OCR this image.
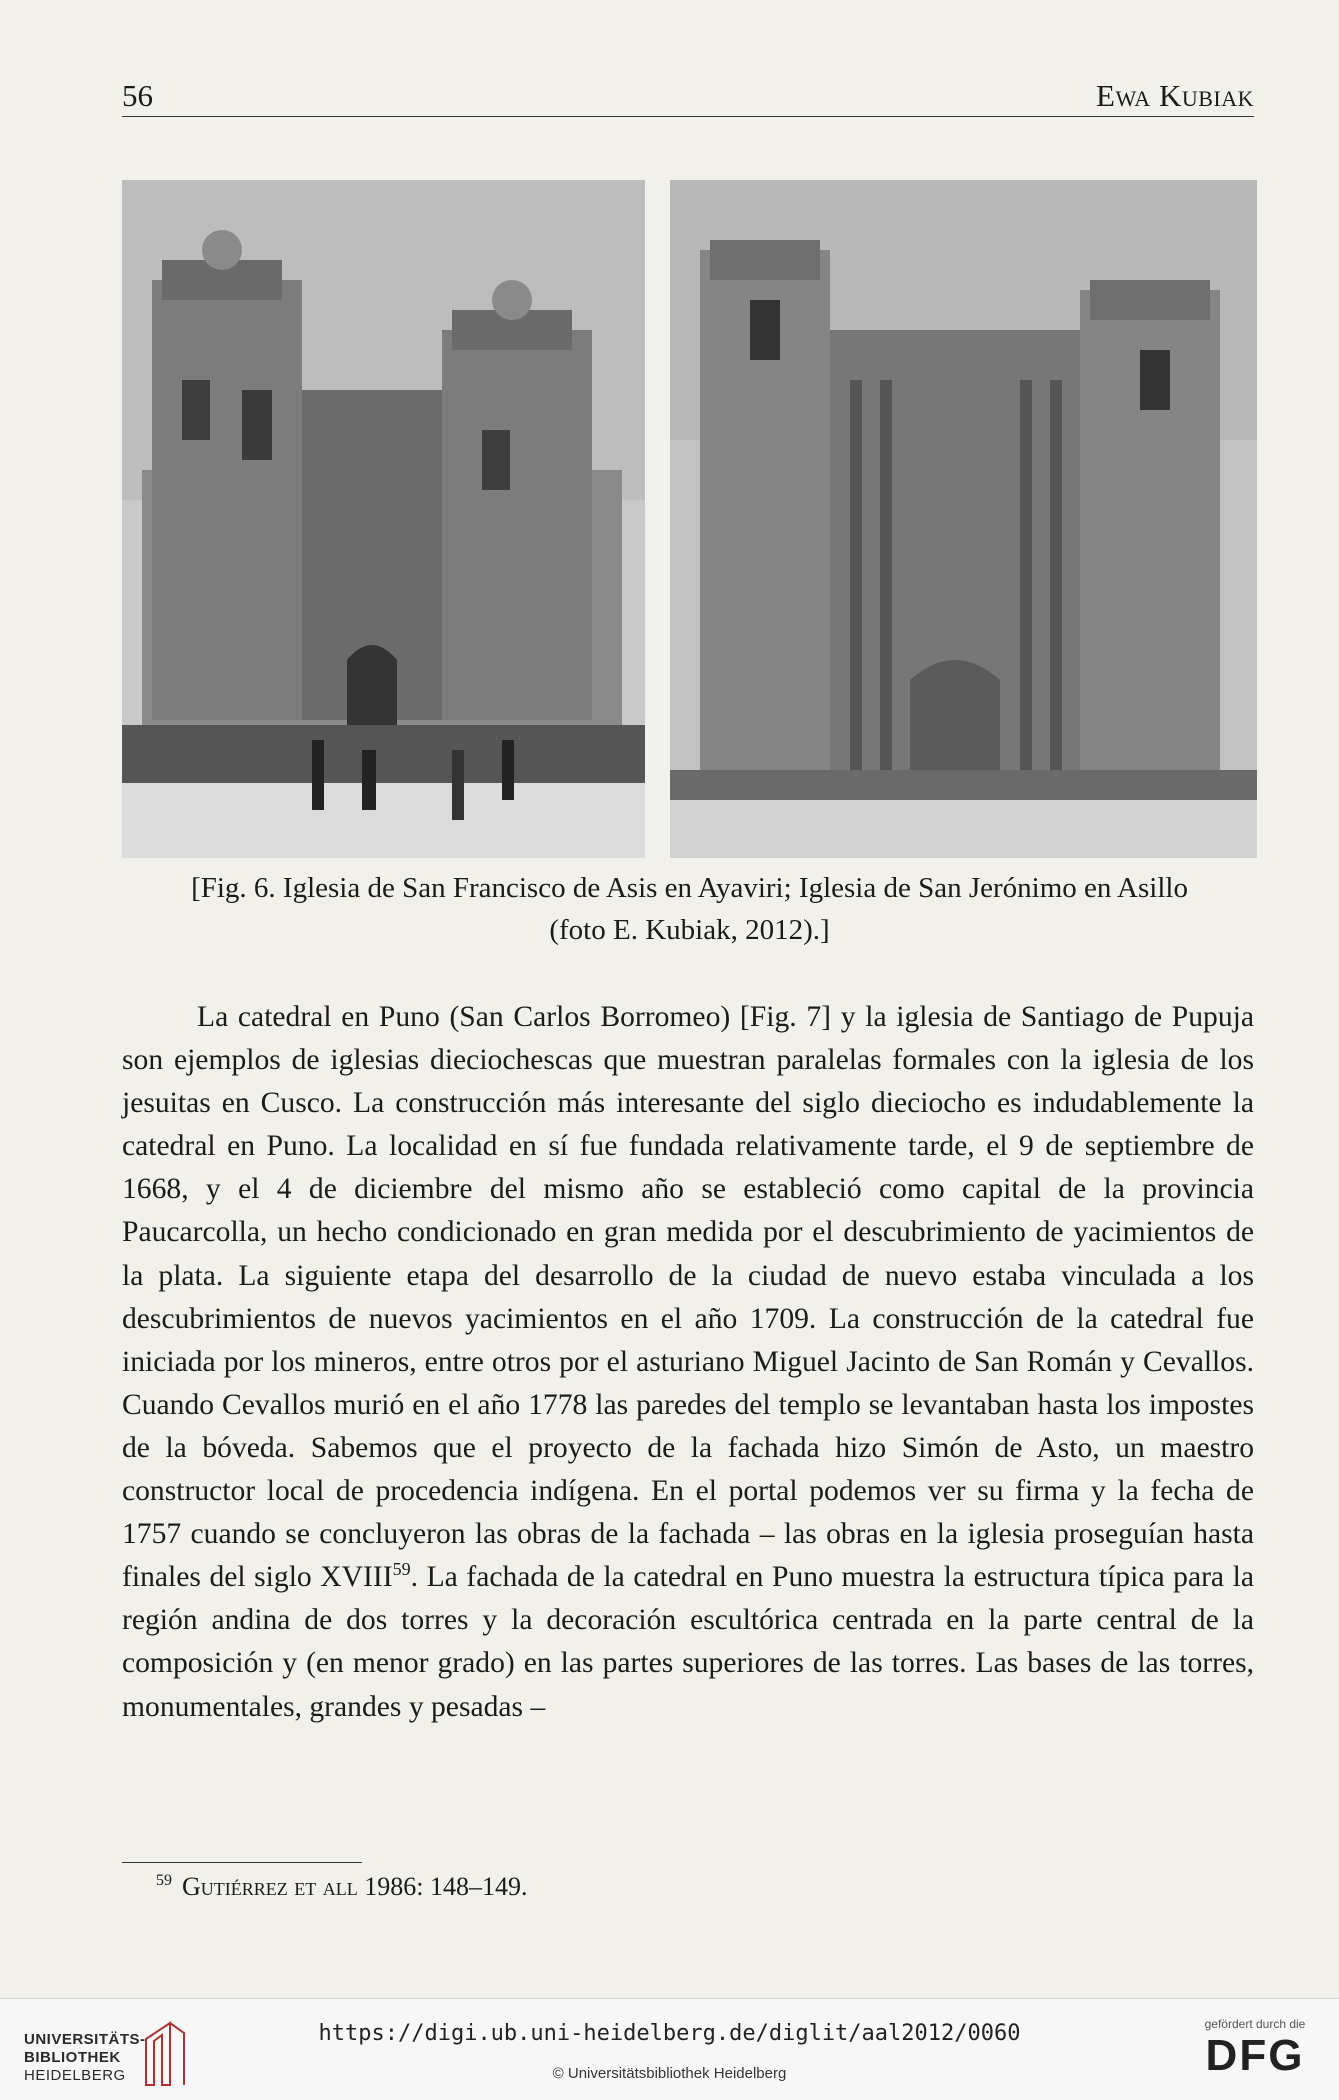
56	Ewa Kubiak
[Fig. 6. Iglesia de San Francisco de Asis en Ayaviri; Iglesia de San Jerónimo en Asillo
(foto E. Kubiak, 2012).]

La catedral en Puno (San Carlos Borromeo) [Fig. 7] y la iglesia de Santiago de Pupuja son ejemplos de iglesias dieciochescas que muestran paralelas formales con la iglesia de los jesuitas en Cusco. La construcción más interesante del siglo dieciocho es indudablemente la catedral en Puno. La localidad en sí fue fundada relativamente tarde, el 9 de septiembre de 1668, y el 4 de diciembre del mismo año se estableció como capital de la provincia Paucarcolla, un hecho condicionado en gran medida por el descubrimiento de yacimientos de la plata. La siguiente etapa del desarrollo de la ciudad de nuevo estaba vinculada a los descubrimientos de nuevos yacimientos en el año 1709. La construcción de la catedral fue iniciada por los mineros, entre otros por el asturiano Miguel Jacinto de San Román y Cevallos. Cuando Cevallos murió en el año 1778 las paredes del templo se levantaban hasta los impostes de la bóveda. Sabemos que el proyecto de la fachada hizo Simón de Asto, un maestro constructor local de procedencia indígena. En el portal podemos ver su firma y la fecha de 1757 cuando se concluyeron las obras de la fachada – las obras en la iglesia proseguían hasta finales del siglo XVIII$^{59}$. La fachada de la catedral en Puno muestra la estructura típica para la región andina de dos torres y la decoración escultórica centrada en la parte central de la composición y (en menor grado) en las partes superiores de las torres. Las bases de las torres, monumentales, grandes y pesadas –

$^{59}$ Gutiérrez et all 1986: 148–149.
UNIVERSITÄTS-
BIBLIOTHEK
HEIDELBERG
https://digi.ub.uni-heidelberg.de/diglit/aal2012/0060
© Universitätsbibliothek Heidelberg
gefördert durch die
DFG
